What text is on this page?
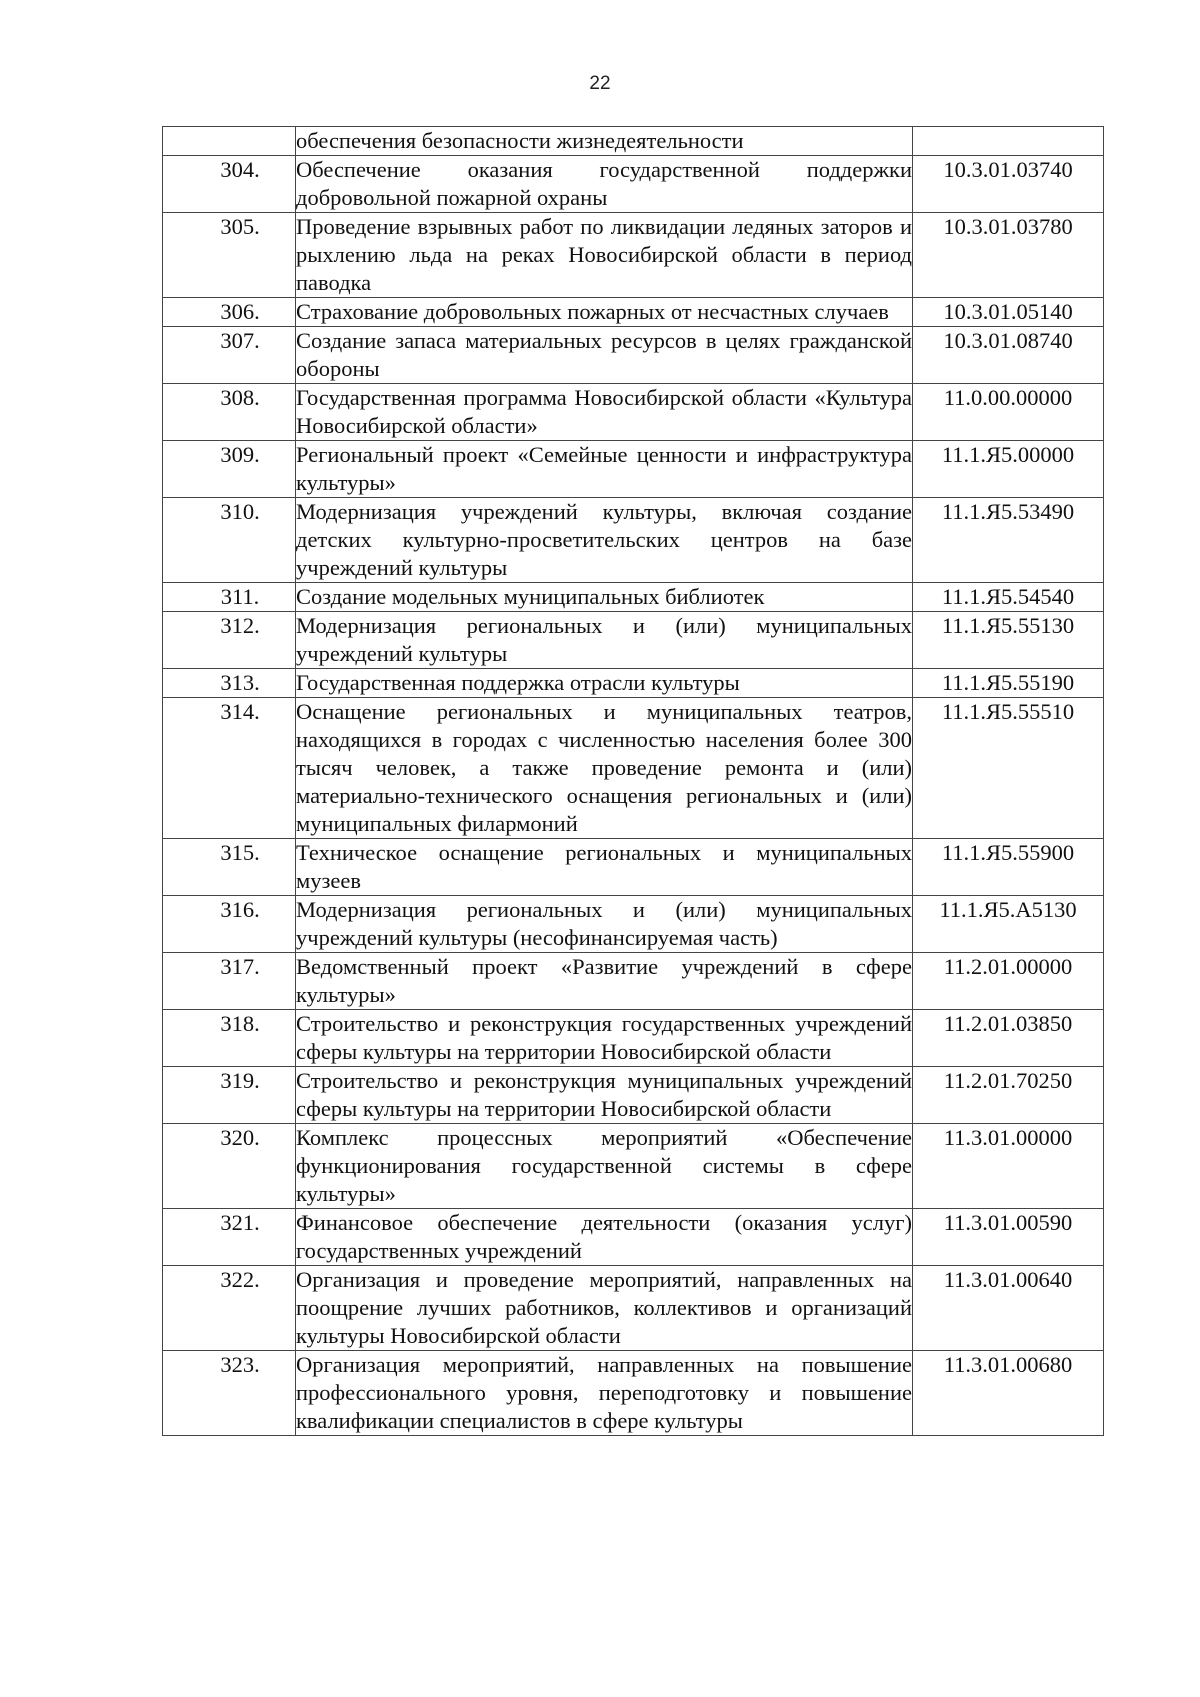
22
	обеспечения безопасности жизнедеятельности	
304.	Обеспечение оказания государственной поддержки добровольной пожарной охраны	10.3.01.03740
305.	Проведение взрывных работ по ликвидации ледяных заторов и рыхлению льда на реках Новосибирской области в период паводка	10.3.01.03780
306.	Страхование добровольных пожарных от несчастных случаев	10.3.01.05140
307.	Создание запаса материальных ресурсов в целях гражданской обороны	10.3.01.08740
308.	Государственная программа Новосибирской области «Культура Новосибирской области»	11.0.00.00000
309.	Региональный проект «Семейные ценности и инфраструктура культуры»	11.1.Я5.00000
310.	Модернизация учреждений культуры, включая создание детских культурно-просветительских центров на базе учреждений культуры	11.1.Я5.53490
311.	Создание модельных муниципальных библиотек	11.1.Я5.54540
312.	Модернизация региональных и (или) муниципальных учреждений культуры	11.1.Я5.55130
313.	Государственная поддержка отрасли культуры	11.1.Я5.55190
314.	Оснащение региональных и муниципальных театров, находящихся в городах с численностью населения более 300 тысяч человек, а также проведение ремонта и (или) материально-технического оснащения региональных и (или) муниципальных филармоний	11.1.Я5.55510
315.	Техническое оснащение региональных и муниципальных музеев	11.1.Я5.55900
316.	Модернизация региональных и (или) муниципальных учреждений культуры (несофинансируемая часть)	11.1.Я5.А5130
317.	Ведомственный проект «Развитие учреждений в сфере культуры»	11.2.01.00000
318.	Строительство и реконструкция государственных учреждений сферы культуры на территории Новосибирской области	11.2.01.03850
319.	Строительство и реконструкция муниципальных учреждений сферы культуры на территории Новосибирской области	11.2.01.70250
320.	Комплекс процессных мероприятий «Обеспечение функционирования государственной системы в сфере культуры»	11.3.01.00000
321.	Финансовое обеспечение деятельности (оказания услуг) государственных учреждений	11.3.01.00590
322.	Организация и проведение мероприятий, направленных на поощрение лучших работников, коллективов и организаций культуры Новосибирской области	11.3.01.00640
323.	Организация мероприятий, направленных на повышение профессионального уровня, переподготовку и повышение квалификации специалистов в сфере культуры	11.3.01.00680
